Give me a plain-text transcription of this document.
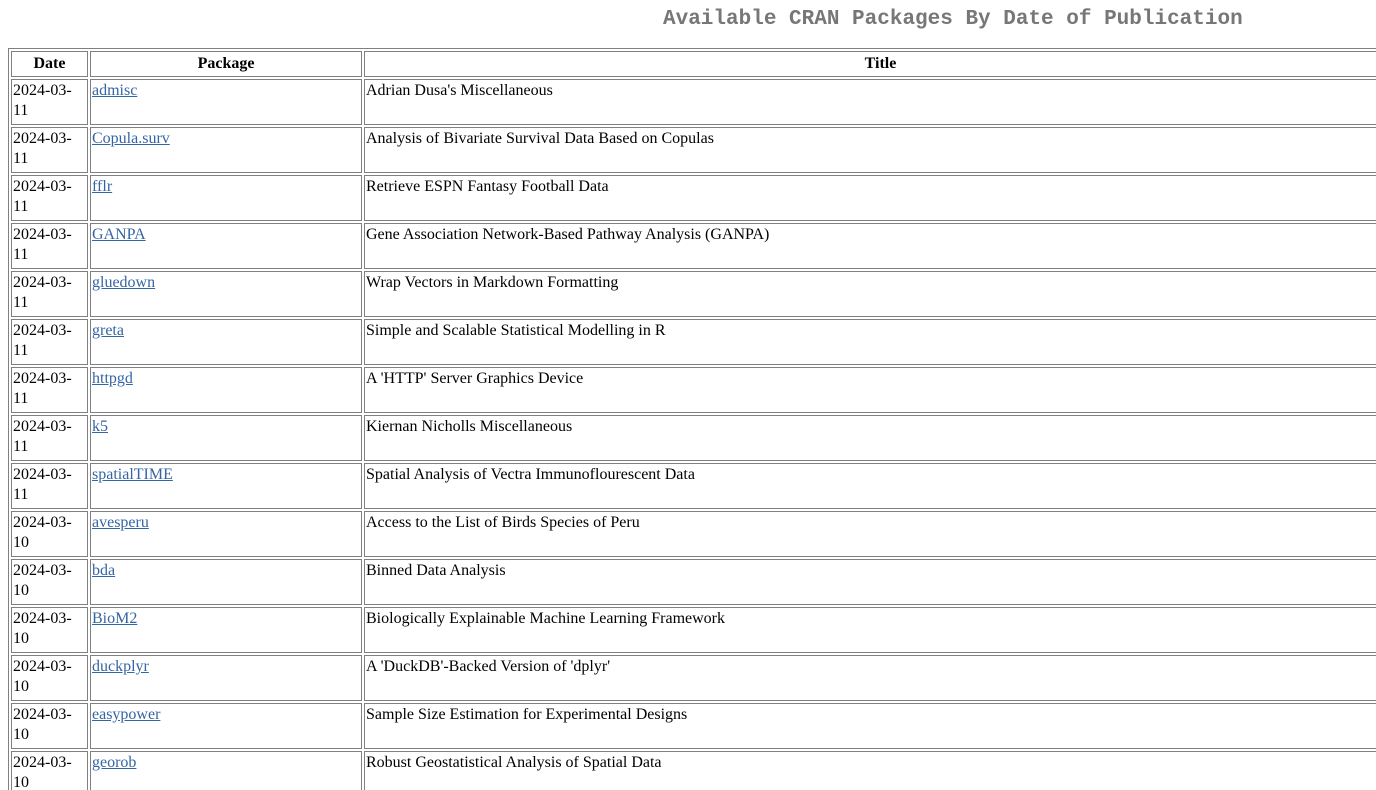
Available CRAN Packages By Date of Publication
Date	Package	Title
2024-03-11	admisc	Adrian Dusa's Miscellaneous
2024-03-11	Copula.surv	Analysis of Bivariate Survival Data Based on Copulas
2024-03-11	fflr	Retrieve ESPN Fantasy Football Data
2024-03-11	GANPA	Gene Association Network-Based Pathway Analysis (GANPA)
2024-03-11	gluedown	Wrap Vectors in Markdown Formatting
2024-03-11	greta	Simple and Scalable Statistical Modelling in R
2024-03-11	httpgd	A 'HTTP' Server Graphics Device
2024-03-11	k5	Kiernan Nicholls Miscellaneous
2024-03-11	spatialTIME	Spatial Analysis of Vectra Immunoflourescent Data
2024-03-10	avesperu	Access to the List of Birds Species of Peru
2024-03-10	bda	Binned Data Analysis
2024-03-10	BioM2	Biologically Explainable Machine Learning Framework
2024-03-10	duckplyr	A 'DuckDB'-Backed Version of 'dplyr'
2024-03-10	easypower	Sample Size Estimation for Experimental Designs
2024-03-10	georob	Robust Geostatistical Analysis of Spatial Data
